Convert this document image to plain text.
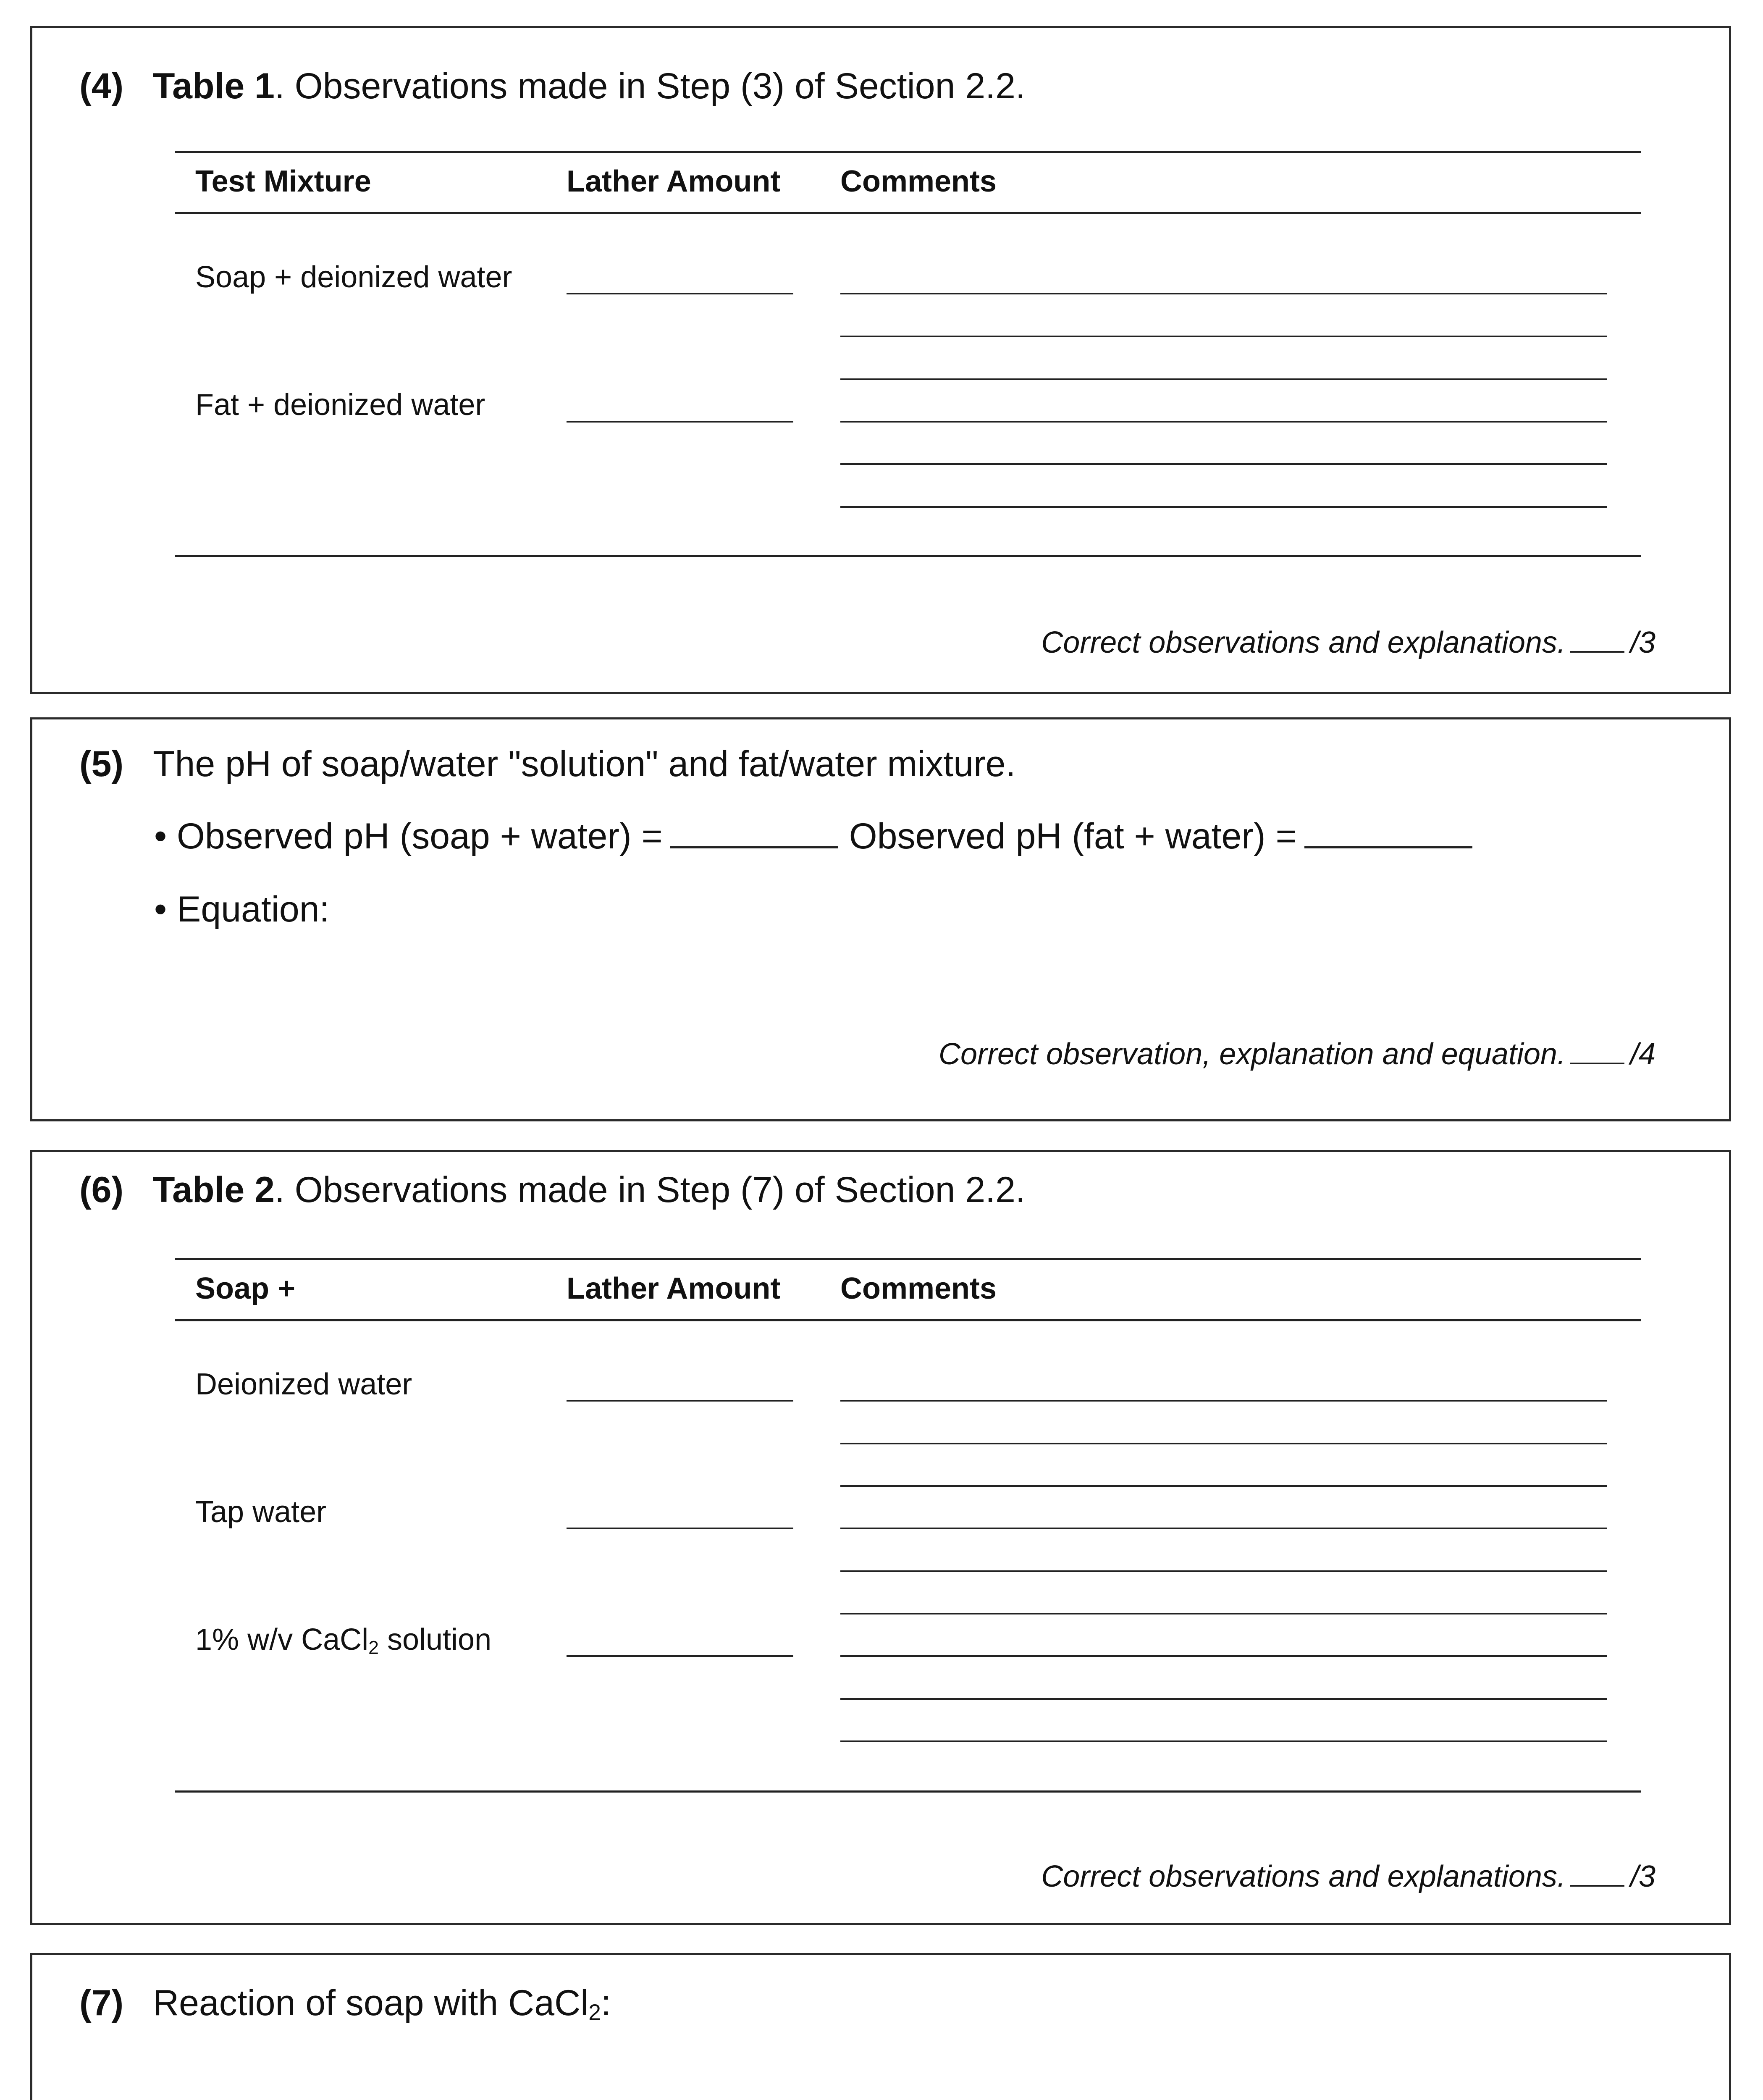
(4) Table 1. Observations made in Step (3) of Section 2.2.
Test Mixture	Lather Amount Comments
Soap + deionized water
Fat + deionized water
Correct observations and explanations. /3
(5) The pH of soap/water "solution" and fat/water mixture.
• Observed pH (soap + water) =	Observed pH (fat + water) =
• Equation:
Correct observation, explanation and equation. /4
(6) Table 2. Observations made in Step (7) of Section 2.2.
Soap +	Lather Amount Comments
Deionized water
Tap water
1% w/v CaCl$_2$ solution
Correct observations and explanations. /3
(7) Reaction of soap with CaCl$_2$:
